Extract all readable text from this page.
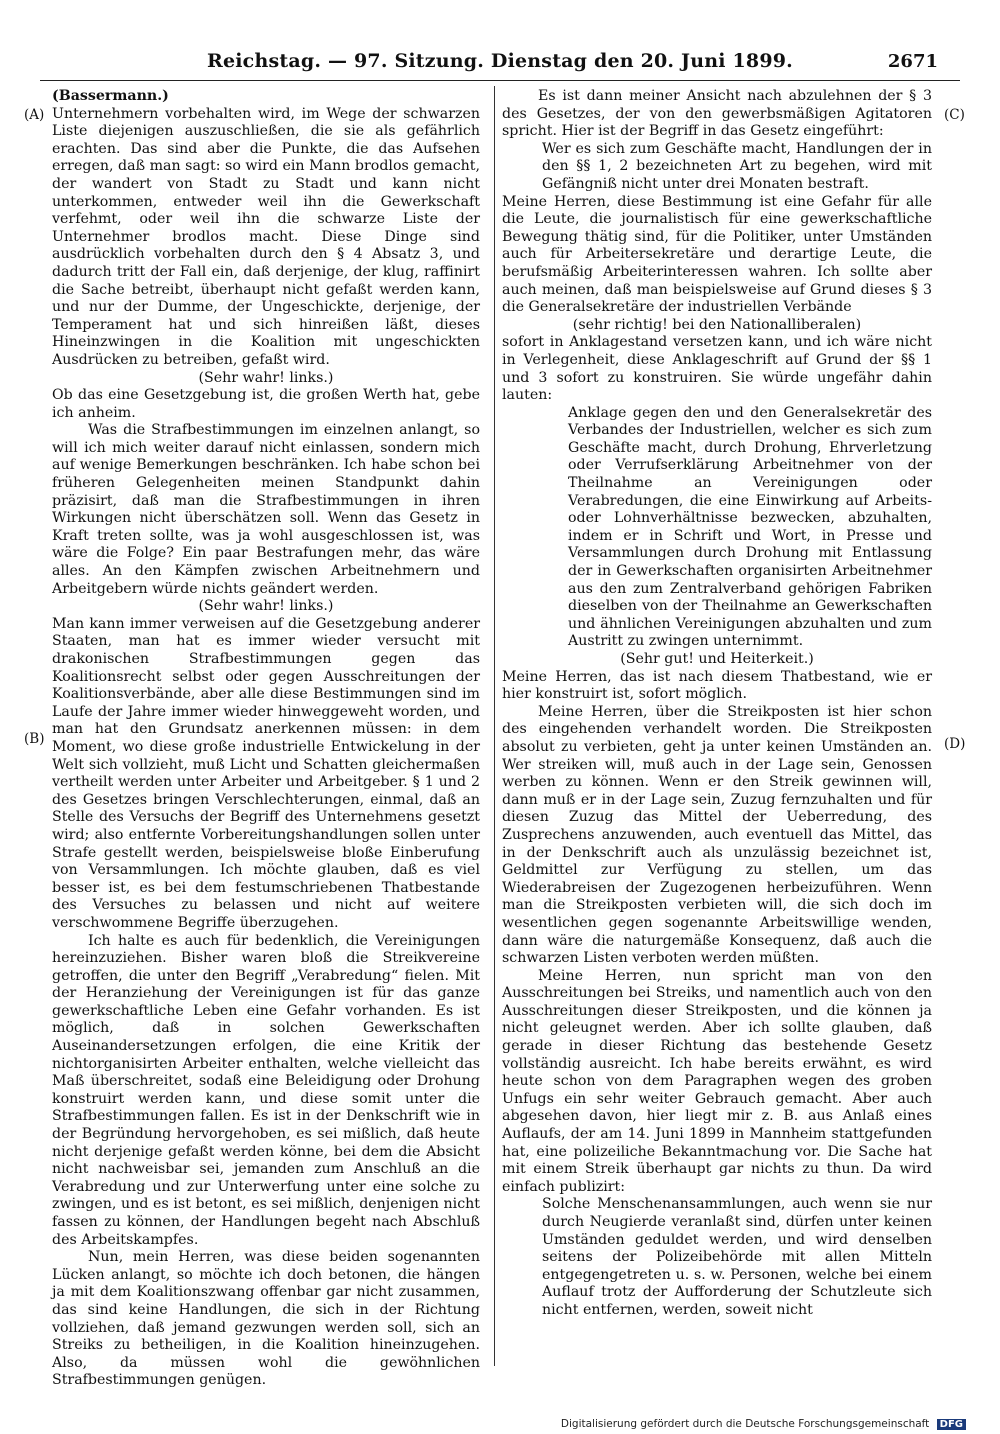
Reichstag. — 97. Sitzung. Dienstag den 20. Juni 1899.	2671
(A)
(B)
(C)
(D)

(Bassermann.)

Unternehmern vorbehalten wird, im Wege der schwarzen Liste diejenigen auszuschließen, die sie als gefährlich erachten. Das sind aber die Punkte, die das Aufsehen erregen, daß man sagt: so wird ein Mann brodlos gemacht, der wandert von Stadt zu Stadt und kann nicht unterkommen, entweder weil ihn die Gewerkschaft verfehmt, oder weil ihn die schwarze Liste der Unternehmer brodlos macht. Diese Dinge sind ausdrücklich vorbehalten durch den § 4 Absatz 3, und dadurch tritt der Fall ein, daß derjenige, der klug, raffinirt die Sache betreibt, überhaupt nicht gefaßt werden kann, und nur der Dumme, der Ungeschickte, derjenige, der Temperament hat und sich hinreißen läßt, dieses Hineinzwingen in die Koalition mit ungeschickten Ausdrücken zu betreiben, gefaßt wird.

(Sehr wahr! links.)

Ob das eine Gesetzgebung ist, die großen Werth hat, gebe ich anheim.

Was die Strafbestimmungen im einzelnen anlangt, so will ich mich weiter darauf nicht einlassen, sondern mich auf wenige Bemerkungen beschränken. Ich habe schon bei früheren Gelegenheiten meinen Standpunkt dahin präzisirt, daß man die Strafbestimmungen in ihren Wirkungen nicht überschätzen soll. Wenn das Gesetz in Kraft treten sollte, was ja wohl ausgeschlossen ist, was wäre die Folge? Ein paar Bestrafungen mehr, das wäre alles. An den Kämpfen zwischen Arbeitnehmern und Arbeitgebern würde nichts geändert werden.

(Sehr wahr! links.)

Man kann immer verweisen auf die Gesetzgebung anderer Staaten, man hat es immer wieder versucht mit drakonischen Strafbestimmungen gegen das Koalitionsrecht selbst oder gegen Ausschreitungen der Koalitionsverbände, aber alle diese Bestimmungen sind im Laufe der Jahre immer wieder hinweggeweht worden, und man hat den Grundsatz anerkennen müssen: in dem Moment, wo diese große industrielle Entwickelung in der Welt sich vollzieht, muß Licht und Schatten gleichermaßen vertheilt werden unter Arbeiter und Arbeitgeber. § 1 und 2 des Gesetzes bringen Verschlechterungen, einmal, daß an Stelle des Versuchs der Begriff des Unternehmens gesetzt wird; also entfernte Vorbereitungshandlungen sollen unter Strafe gestellt werden, beispielsweise bloße Einberufung von Versammlungen. Ich möchte glauben, daß es viel besser ist, es bei dem festumschriebenen Thatbestande des Versuches zu belassen und nicht auf weitere verschwommene Begriffe überzugehen.

Ich halte es auch für bedenklich, die Vereinigungen hereinzuziehen. Bisher waren bloß die Streikvereine getroffen, die unter den Begriff „Verabredung“ fielen. Mit der Heranziehung der Vereinigungen ist für das ganze gewerkschaftliche Leben eine Gefahr vorhanden. Es ist möglich, daß in solchen Gewerkschaften Auseinandersetzungen erfolgen, die eine Kritik der nichtorganisirten Arbeiter enthalten, welche vielleicht das Maß überschreitet, sodaß eine Beleidigung oder Drohung konstruirt werden kann, und diese somit unter die Strafbestimmungen fallen. Es ist in der Denkschrift wie in der Begründung hervorgehoben, es sei mißlich, daß heute nicht derjenige gefaßt werden könne, bei dem die Absicht nicht nachweisbar sei, jemanden zum Anschluß an die Verabredung und zur Unterwerfung unter eine solche zu zwingen, und es ist betont, es sei mißlich, denjenigen nicht fassen zu können, der Handlungen begeht nach Abschluß des Arbeitskampfes.

Nun, mein Herren, was diese beiden sogenannten Lücken anlangt, so möchte ich doch betonen, die hängen ja mit dem Koalitionszwang offenbar gar nicht zusammen, das sind keine Handlungen, die sich in der Richtung vollziehen, daß jemand gezwungen werden soll, sich an Streiks zu betheiligen, in die Koalition hineinzugehen. Also, da müssen wohl die gewöhnlichen Strafbestimmungen genügen.

Es ist dann meiner Ansicht nach abzulehnen der § 3 des Gesetzes, der von den gewerbsmäßigen Agitatoren spricht. Hier ist der Begriff in das Gesetz eingeführt:

Wer es sich zum Geschäfte macht, Handlungen der in den §§ 1, 2 bezeichneten Art zu begehen, wird mit Gefängniß nicht unter drei Monaten bestraft.

Meine Herren, diese Bestimmung ist eine Gefahr für alle die Leute, die journalistisch für eine gewerkschaftliche Bewegung thätig sind, für die Politiker, unter Umständen auch für Arbeitersekretäre und derartige Leute, die berufsmäßig Arbeiterinteressen wahren. Ich sollte aber auch meinen, daß man beispielsweise auf Grund dieses § 3 die Generalsekretäre der industriellen Verbände

(sehr richtig! bei den Nationalliberalen)

sofort in Anklagestand versetzen kann, und ich wäre nicht in Verlegenheit, diese Anklageschrift auf Grund der §§ 1 und 3 sofort zu konstruiren. Sie würde ungefähr dahin lauten:

Anklage gegen den und den Generalsekretär des Verbandes der Industriellen, welcher es sich zum Geschäfte macht, durch Drohung, Ehrverletzung oder Verrufserklärung Arbeitnehmer von der Theilnahme an Vereinigungen oder Verabredungen, die eine Einwirkung auf Arbeits- oder Lohnverhältnisse bezwecken, abzuhalten, indem er in Schrift und Wort, in Presse und Versammlungen durch Drohung mit Entlassung der in Gewerkschaften organisirten Arbeitnehmer aus den zum Zentralverband gehörigen Fabriken dieselben von der Theilnahme an Gewerkschaften und ähnlichen Vereinigungen abzuhalten und zum Austritt zu zwingen unternimmt.

(Sehr gut! und Heiterkeit.)

Meine Herren, das ist nach diesem Thatbestand, wie er hier konstruirt ist, sofort möglich.

Meine Herren, über die Streikposten ist hier schon des eingehenden verhandelt worden. Die Streikposten absolut zu verbieten, geht ja unter keinen Umständen an. Wer streiken will, muß auch in der Lage sein, Genossen werben zu können. Wenn er den Streik gewinnen will, dann muß er in der Lage sein, Zuzug fernzuhalten und für diesen Zuzug das Mittel der Ueberredung, des Zusprechens anzuwenden, auch eventuell das Mittel, das in der Denkschrift auch als unzulässig bezeichnet ist, Geldmittel zur Verfügung zu stellen, um das Wiederabreisen der Zugezogenen herbeizuführen. Wenn man die Streikposten verbieten will, die sich doch im wesentlichen gegen sogenannte Arbeitswillige wenden, dann wäre die naturgemäße Konsequenz, daß auch die schwarzen Listen verboten werden müßten.

Meine Herren, nun spricht man von den Ausschreitungen bei Streiks, und namentlich auch von den Ausschreitungen dieser Streikposten, und die können ja nicht geleugnet werden. Aber ich sollte glauben, daß gerade in dieser Richtung das bestehende Gesetz vollständig ausreicht. Ich habe bereits erwähnt, es wird heute schon von dem Paragraphen wegen des groben Unfugs ein sehr weiter Gebrauch gemacht. Aber auch abgesehen davon, hier liegt mir z. B. aus Anlaß eines Auflaufs, der am 14. Juni 1899 in Mannheim stattgefunden hat, eine polizeiliche Bekanntmachung vor. Die Sache hat mit einem Streik überhaupt gar nichts zu thun. Da wird einfach publizirt:

Solche Menschenansammlungen, auch wenn sie nur durch Neugierde veranlaßt sind, dürfen unter keinen Umständen geduldet werden, und wird denselben seitens der Polizeibehörde mit allen Mitteln entgegengetreten u. s. w. Personen, welche bei einem Auflauf trotz der Aufforderung der Schutzleute sich nicht entfernen, werden, soweit nicht

Digitalisierung gefördert durch die Deutsche Forschungsgemeinschaft DFG
